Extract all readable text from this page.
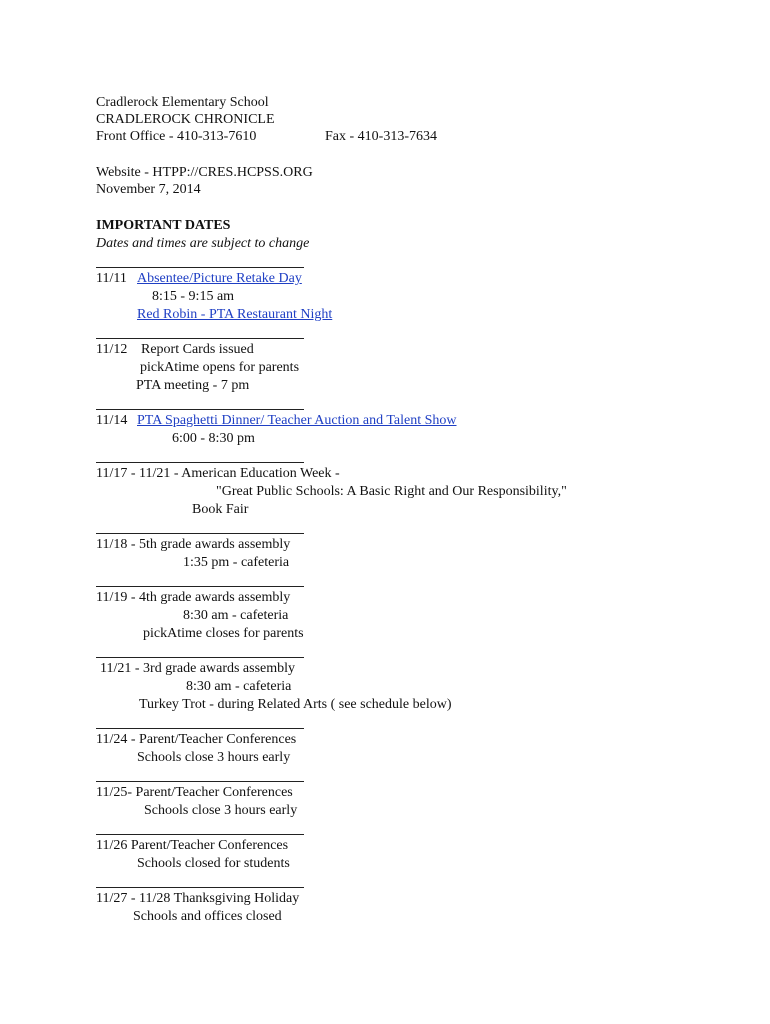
Cradlerock Elementary School
CRADLEROCK CHRONICLE
Front Office - 410-313-7610	Fax - 410-313-7634
Website - HTPP://CRES.HCPSS.ORG
November 7, 2014
IMPORTANT DATES
Dates and times are subject to change
11/11 Absentee/Picture Retake Day
8:15 - 9:15 am
Red Robin - PTA Restaurant Night
11/12 Report Cards issued
pickAtime opens for parents
PTA meeting - 7 pm
11/14 PTA Spaghetti Dinner/ Teacher Auction and Talent Show
6:00 - 8:30 pm
11/17 - 11/21 - American Education Week -
"Great Public Schools: A Basic Right and Our Responsibility,"
Book Fair
11/18 - 5th grade awards assembly
1:35 pm - cafeteria
11/19 - 4th grade awards assembly
8:30 am - cafeteria
pickAtime closes for parents
11/21 - 3rd grade awards assembly
8:30 am - cafeteria
Turkey Trot - during Related Arts ( see schedule below)
11/24 - Parent/Teacher Conferences
Schools close 3 hours early
11/25- Parent/Teacher Conferences
Schools close 3 hours early
11/26 Parent/Teacher Conferences
Schools closed for students
11/27 - 11/28 Thanksgiving Holiday
Schools and offices closed
